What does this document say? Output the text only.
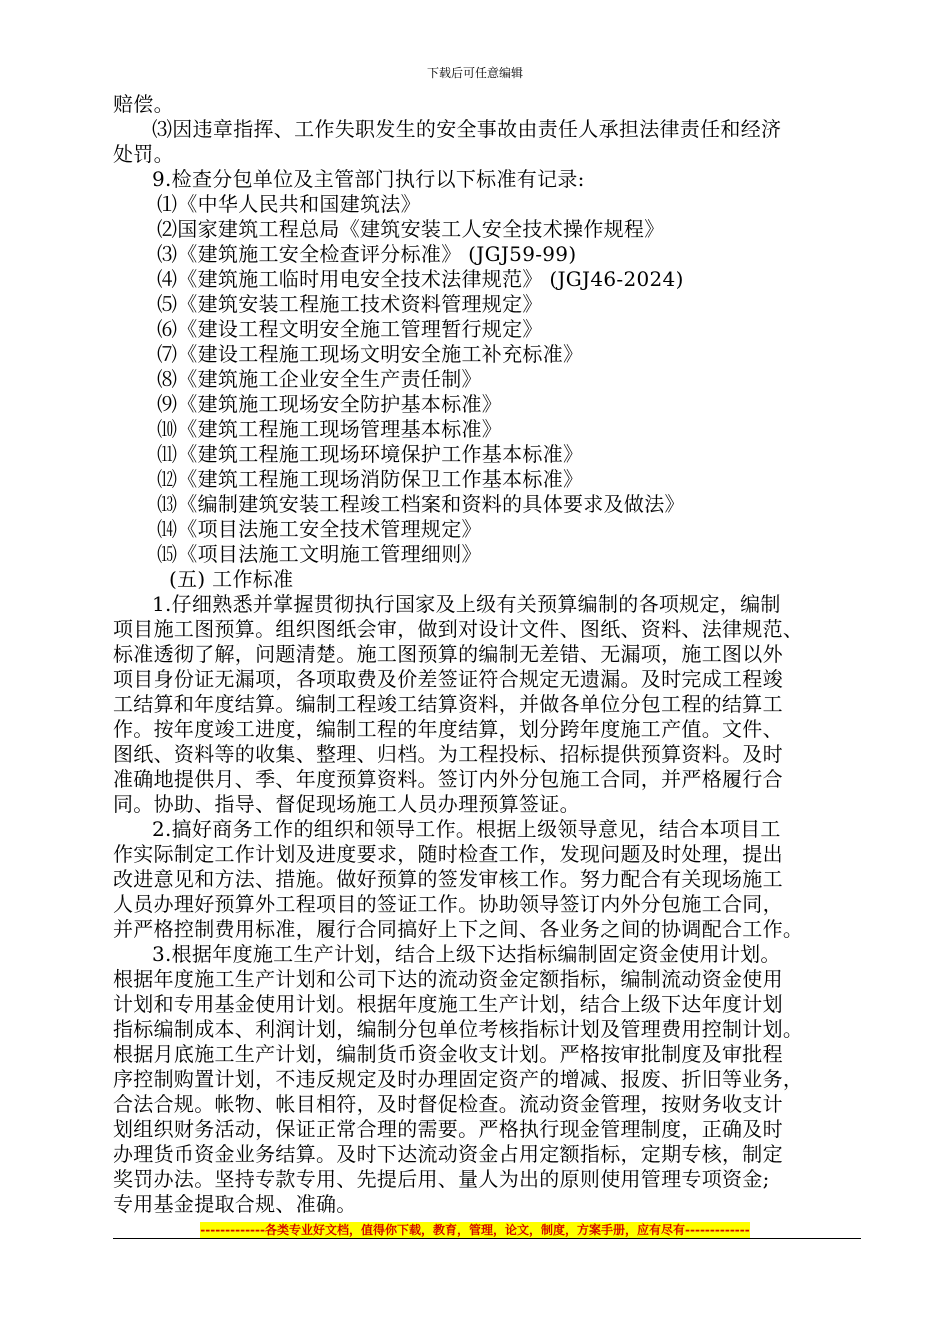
下载后可任意编辑
赔偿。
⑶因违章指挥、工作失职发生的安全事故由责任人承担法律责任和经济
处罚。
9.检查分包单位及主管部门执行以下标准有记录:
⑴《中华人民共和国建筑法》
⑵国家建筑工程总局《建筑安装工人安全技术操作规程》
⑶《建筑施工安全检查评分标准》 (JGJ59-99)
⑷《建筑施工临时用电安全技术法律规范》 (JGJ46-2024)
⑸《建筑安装工程施工技术资料管理规定》
⑹《建设工程文明安全施工管理暂行规定》
⑺《建设工程施工现场文明安全施工补充标准》
⑻《建筑施工企业安全生产责任制》
⑼《建筑施工现场安全防护基本标准》
⑽《建筑工程施工现场管理基本标准》
⑾《建筑工程施工现场环境保护工作基本标准》
⑿《建筑工程施工现场消防保卫工作基本标准》
⒀《编制建筑安装工程竣工档案和资料的具体要求及做法》
⒁《项目法施工安全技术管理规定》
⒂《项目法施工文明施工管理细则》
(五) 工作标准
1.仔细熟悉并掌握贯彻执行国家及上级有关预算编制的各项规定，编制
项目施工图预算。组织图纸会审，做到对设计文件、图纸、资料、法律规范、
标准透彻了解，问题清楚。施工图预算的编制无差错、无漏项，施工图以外
项目身份证无漏项，各项取费及价差签证符合规定无遗漏。及时完成工程竣
工结算和年度结算。编制工程竣工结算资料，并做各单位分包工程的结算工
作。按年度竣工进度，编制工程的年度结算，划分跨年度施工产值。文件、
图纸、资料等的收集、整理、归档。为工程投标、招标提供预算资料。及时
准确地提供月、季、年度预算资料。签订内外分包施工合同，并严格履行合
同。协助、指导、督促现场施工人员办理预算签证。
2.搞好商务工作的组织和领导工作。根据上级领导意见，结合本项目工
作实际制定工作计划及进度要求，随时检查工作，发现问题及时处理，提出
改进意见和方法、措施。做好预算的签发审核工作。努力配合有关现场施工
人员办理好预算外工程项目的签证工作。协助领导签订内外分包施工合同，
并严格控制费用标准，履行合同搞好上下之间、各业务之间的协调配合工作。
3.根据年度施工生产计划，结合上级下达指标编制固定资金使用计划。
根据年度施工生产计划和公司下达的流动资金定额指标，编制流动资金使用
计划和专用基金使用计划。根据年度施工生产计划，结合上级下达年度计划
指标编制成本、利润计划，编制分包单位考核指标计划及管理费用控制计划。
根据月底施工生产计划，编制货币资金收支计划。严格按审批制度及审批程
序控制购置计划，不违反规定及时办理固定资产的增减、报废、折旧等业务，
合法合规。帐物、帐目相符，及时督促检查。流动资金管理，按财务收支计
划组织财务活动，保证正常合理的需要。严格执行现金管理制度，正确及时
办理货币资金业务结算。及时下达流动资金占用定额指标，定期专核，制定
奖罚办法。坚持专款专用、先提后用、量人为出的原则使用管理专项资金;
专用基金提取合规、准确。
-------------各类专业好文档，值得你下载，教育，管理，论文，制度，方案手册，应有尽有-------------
